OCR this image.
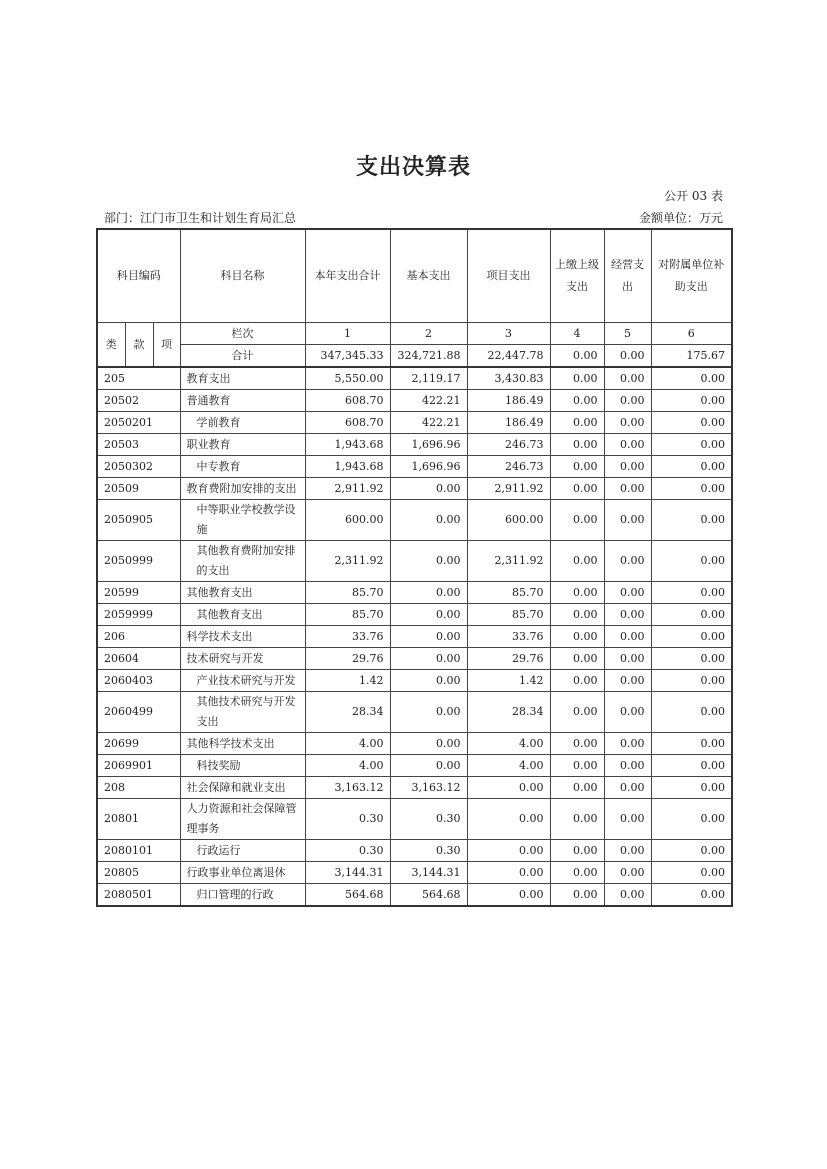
支出决算表
公开 03 表
部门：江门市卫生和计划生育局汇总	金额单位：万元
科目编码			科目名称	本年支出合计	基本支出	项目支出	上缴上级支出	经营支出	对附属单位补助支出
类	款	项	栏次	1	2	3	4	5	6
			合计	347,345.33	324,721.88	22,447.78	0.00	0.00	175.67
205			教育支出	5,550.00	2,119.17	3,430.83	0.00	0.00	0.00
20502			普通教育	608.70	422.21	186.49	0.00	0.00	0.00
2050201			学前教育	608.70	422.21	186.49	0.00	0.00	0.00
20503			职业教育	1,943.68	1,696.96	246.73	0.00	0.00	0.00
2050302			中专教育	1,943.68	1,696.96	246.73	0.00	0.00	0.00
20509			教育费附加安排的支出	2,911.92	0.00	2,911.92	0.00	0.00	0.00
2050905			中等职业学校教学设施	600.00	0.00	600.00	0.00	0.00	0.00
2050999			其他教育费附加安排的支出	2,311.92	0.00	2,311.92	0.00	0.00	0.00
20599			其他教育支出	85.70	0.00	85.70	0.00	0.00	0.00
2059999			其他教育支出	85.70	0.00	85.70	0.00	0.00	0.00
206			科学技术支出	33.76	0.00	33.76	0.00	0.00	0.00
20604			技术研究与开发	29.76	0.00	29.76	0.00	0.00	0.00
2060403			产业技术研究与开发	1.42	0.00	1.42	0.00	0.00	0.00
2060499			其他技术研究与开发支出	28.34	0.00	28.34	0.00	0.00	0.00
20699			其他科学技术支出	4.00	0.00	4.00	0.00	0.00	0.00
2069901			科技奖励	4.00	0.00	4.00	0.00	0.00	0.00
208			社会保障和就业支出	3,163.12	3,163.12	0.00	0.00	0.00	0.00
20801			人力资源和社会保障管理事务	0.30	0.30	0.00	0.00	0.00	0.00
2080101			行政运行	0.30	0.30	0.00	0.00	0.00	0.00
20805			行政事业单位离退休	3,144.31	3,144.31	0.00	0.00	0.00	0.00
2080501			归口管理的行政	564.68	564.68	0.00	0.00	0.00	0.00
